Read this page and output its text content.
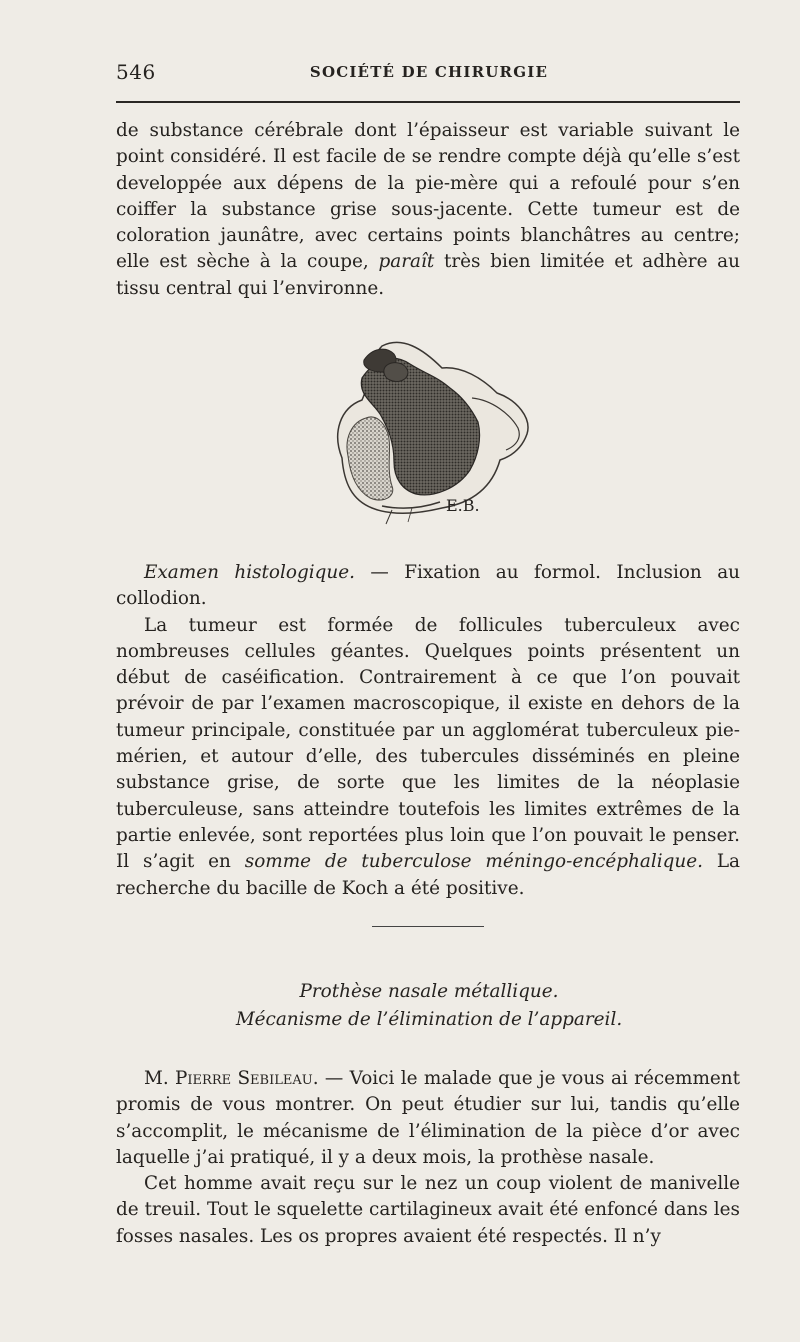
546	SOCIÉTÉ DE CHIRURGIE

de substance cérébrale dont l’épaisseur est variable suivant le point considéré. Il est facile de se rendre compte déjà qu’elle s’est developpée aux dépens de la pie-mère qui a refoulé pour s’en coiffer la substance grise sous-jacente. Cette tumeur est de coloration jaunâtre, avec certains points blanchâtres au centre; elle est sèche à la coupe, paraît très bien limitée et adhère au tissu central qui l’environne.

E.B.

Examen histologique. — Fixation au formol. Inclusion au collodion.

La tumeur est formée de follicules tuberculeux avec nombreuses cellules géantes. Quelques points présentent un début de caséification. Contrairement à ce que l’on pouvait prévoir de par l’examen macroscopique, il existe en dehors de la tumeur principale, constituée par un agglomérat tuberculeux pie-mérien, et autour d’elle, des tubercules disséminés en pleine substance grise, de sorte que les limites de la néoplasie tuberculeuse, sans atteindre toutefois les limites extrêmes de la partie enlevée, sont reportées plus loin que l’on pouvait le penser. Il s’agit en somme de tuberculose méningo-encéphalique. La recherche du bacille de Koch a été positive.

Prothèse nasale métallique.

Mécanisme de l’élimination de l’appareil.

M. Pierre Sebileau. — Voici le malade que je vous ai récemment promis de vous montrer. On peut étudier sur lui, tandis qu’elle s’accomplit, le mécanisme de l’élimination de la pièce d’or avec laquelle j’ai pratiqué, il y a deux mois, la prothèse nasale.

Cet homme avait reçu sur le nez un coup violent de manivelle de treuil. Tout le squelette cartilagineux avait été enfoncé dans les fosses nasales. Les os propres avaient été respectés. Il n’y
